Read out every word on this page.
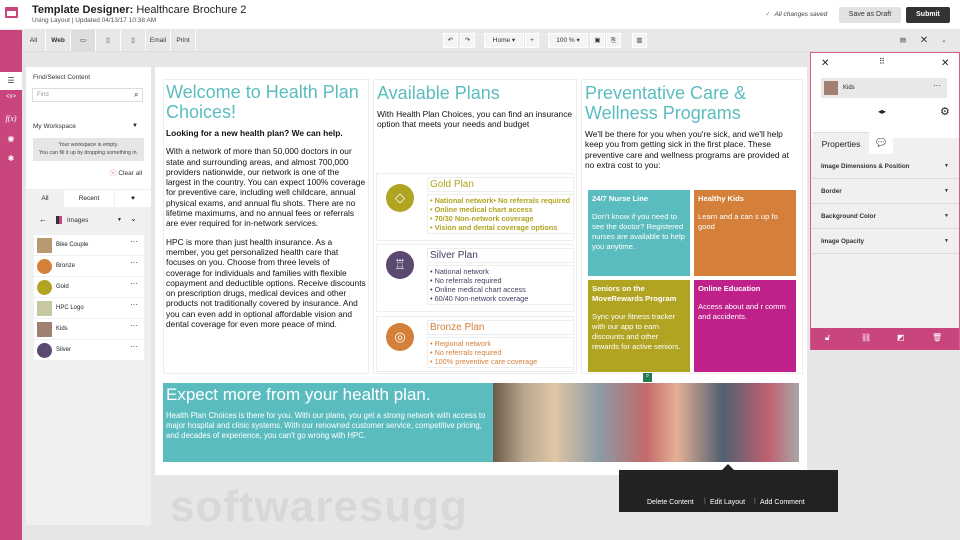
Template Designer: Healthcare Brochure 2
Using Layout | Updated 04/13/17 10:38 AM
✓ All changes saved	Save as Draft	Submit
☰
<x>
f(x)
◉
✱
All	Web	▭	▯	▯	Email	Print	↶	↷	Home ▾	+	100 % ▾	▣	⎘	▥	▤	✕	⌄
Find/Select Content
Find	⌕
My Workspace	▼
Your workspace is empty.
You can fill it up by dropping something in.
ⓧ Clear all
All	Recent	♥
←	Images	▼ ⌄
Bike Couple	···
Bronze	···
Gold	···
HPC Logo	···
Kids	···
Silver	···
Welcome to Health Plan Choices!
Looking for a new health plan? We can help.
With a network of more than 50,000 doctors in our state and surrounding areas, and almost 700,000 providers nationwide, our network is one of the largest in the country. You can expect 100% coverage for preventive care, including well childcare, annual physical exams, and annual flu shots. There are no lifetime maximums, and no annual fees or referrals are ever required for in-network services.
HPC is more than just health insurance. As a member, you get personalized health care that focuses on you. Choose from three levels of coverage for individuals and families with flexible copayment and deductible options. Receive discounts on prescription drugs, medical devices and other products not traditionally covered by insurance. And you can even add in optional affordable vision and dental coverage for even more peace of mind.
Available Plans
With Health Plan Choices, you can find an insurance option that meets your needs and budget
◇
Gold Plan
• National network• No referrals required
• Online medical chart access
• 70/30 Non-network coverage
• Vision and dental coverage options
♖
Silver Plan
• National network
• No referrals required
• Online medical chart access
• 60/40 Non-network coverage
◎
Bronze Plan
• Regional network
• No referrals required
• 100% preventive care coverage
Preventative Care & Wellness Programs
We'll be there for you when you're sick, and we'll help keep you from getting sick in the first place. These preventive care and wellness programs are provided at no extra cost to you:
24/7 Nurse Line
Don't know if you need to see the doctor? Registered nurses are available to help you anytime.
Healthy Kids
Learn and a can s up fo good
Seniors on the MoveRewards Program
Sync your fitness tracker with our app to earn discounts and other rewards for active seniors.
Online Education
Access about and r comm and accidents.
Expect more from your health plan.
Health Plan Choices is there for you. With our plans, you get a strong network with access to major hospital and clinic systems. With our renowned customer service, competitive pricing, and decades of experience, you can't go wrong with HPC.
⌕
softwaresugg
✕	⠿	✕
Kids	···
◂▸	⚙
Properties	💬
Image Dimensions & Position	▼
Border	▼
Background Color	▼
Image Opacity	▼
🔓︎	⛓	◩	🗑︎
Delete Content | Edit Layout | Add Comment
